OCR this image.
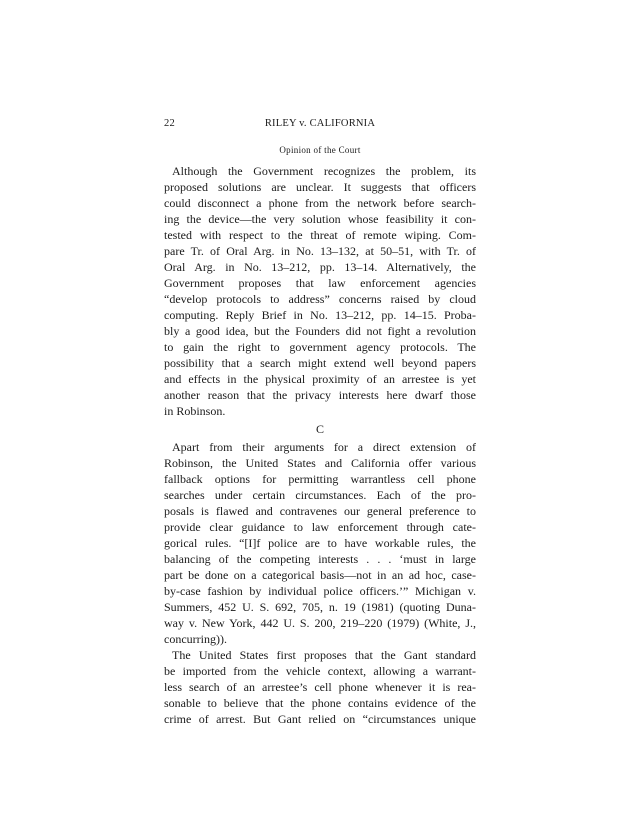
22	RILEY v. CALIFORNIA
Opinion of the Court
Although the Government recognizes the problem, its
proposed solutions are unclear. It suggests that officers
could disconnect a phone from the network before search-
ing the device—the very solution whose feasibility it con-
tested with respect to the threat of remote wiping. Com-
pare Tr. of Oral Arg. in No. 13–132, at 50–51, with Tr. of
Oral Arg. in No. 13–212, pp. 13–14. Alternatively, the
Government proposes that law enforcement agencies
“develop protocols to address” concerns raised by cloud
computing. Reply Brief in No. 13–212, pp. 14–15. Proba-
bly a good idea, but the Founders did not fight a revolution
to gain the right to government agency protocols. The
possibility that a search might extend well beyond papers
and effects in the physical proximity of an arrestee is yet
another reason that the privacy interests here dwarf those
in Robinson.
C
Apart from their arguments for a direct extension of
Robinson, the United States and California offer various
fallback options for permitting warrantless cell phone
searches under certain circumstances. Each of the pro-
posals is flawed and contravenes our general preference to
provide clear guidance to law enforcement through cate-
gorical rules. “[I]f police are to have workable rules, the
balancing of the competing interests . . . ‘must in large
part be done on a categorical basis—not in an ad hoc, case-
by-case fashion by individual police officers.’” Michigan v.
Summers, 452 U. S. 692, 705, n. 19 (1981) (quoting Duna-
way v. New York, 442 U. S. 200, 219–220 (1979) (White, J.,
concurring)).
The United States first proposes that the Gant standard
be imported from the vehicle context, allowing a warrant-
less search of an arrestee’s cell phone whenever it is rea-
sonable to believe that the phone contains evidence of the
crime of arrest. But Gant relied on “circumstances unique
